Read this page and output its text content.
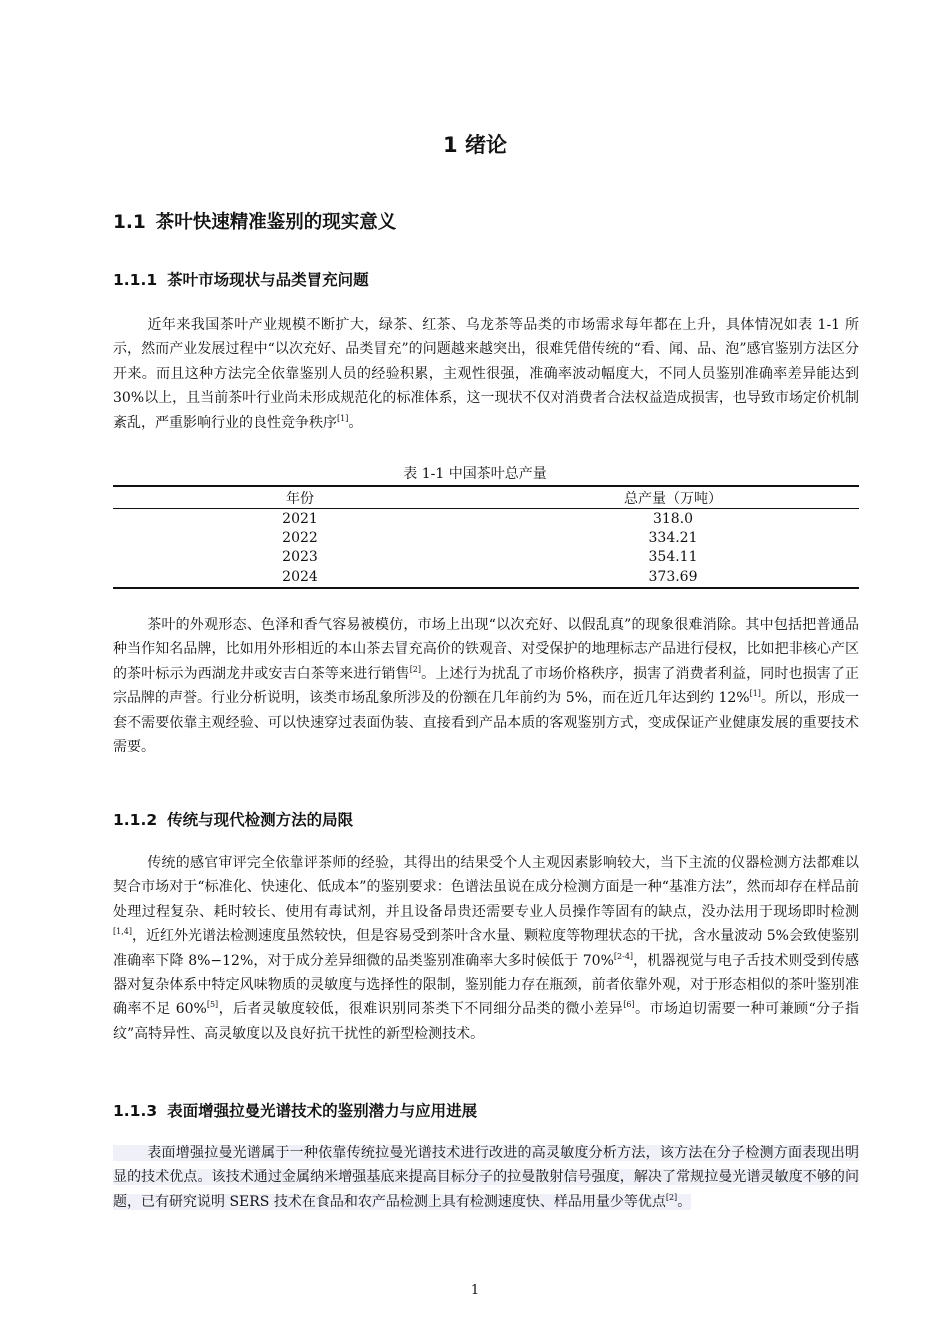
1 绪论
1.1 茶叶快速精准鉴别的现实意义
1.1.1 茶叶市场现状与品类冒充问题

近年来我国茶叶产业规模不断扩大，绿茶、红茶、乌龙茶等品类的市场需求每年都在上升，具体情况如表 1-1 所示，然而产业发展过程中“以次充好、品类冒充”的问题越来越突出，很难凭借传统的“看、闻、品、泡”感官鉴别方法区分开来。而且这种方法完全依靠鉴别人员的经验积累，主观性很强，准确率波动幅度大，不同人员鉴别准确率差异能达到 30%以上，且当前茶叶行业尚未形成规范化的标准体系，这一现状不仅对消费者合法权益造成损害，也导致市场定价机制紊乱，严重影响行业的良性竞争秩序[1]。

表 1-1 中国茶叶总产量
年份	总产量（万吨）
2021	318.0
2022	334.21
2023	354.11
2024	373.69

茶叶的外观形态、色泽和香气容易被模仿，市场上出现“以次充好、以假乱真”的现象很难消除。其中包括把普通品种当作知名品牌，比如用外形相近的本山茶去冒充高价的铁观音、对受保护的地理标志产品进行侵权，比如把非核心产区的茶叶标示为西湖龙井或安吉白茶等来进行销售[2]。上述行为扰乱了市场价格秩序，损害了消费者利益，同时也损害了正宗品牌的声誉。行业分析说明，该类市场乱象所涉及的份额在几年前约为 5%，而在近几年达到约 12%[1]。所以，形成一套不需要依靠主观经验、可以快速穿过表面伪装、直接看到产品本质的客观鉴别方式，变成保证产业健康发展的重要技术需要。

1.1.2 传统与现代检测方法的局限

传统的感官审评完全依靠评茶师的经验，其得出的结果受个人主观因素影响较大，当下主流的仪器检测方法都难以契合市场对于“标准化、快速化、低成本”的鉴别要求：色谱法虽说在成分检测方面是一种“基准方法”，然而却存在样品前处理过程复杂、耗时较长、使用有毒试剂，并且设备昂贵还需要专业人员操作等固有的缺点，没办法用于现场即时检测[1,4]，近红外光谱法检测速度虽然较快，但是容易受到茶叶含水量、颗粒度等物理状态的干扰，含水量波动 5%会致使鉴别准确率下降 8%−12%，对于成分差异细微的品类鉴别准确率大多时候低于 70%[2-4]，机器视觉与电子舌技术则受到传感器对复杂体系中特定风味物质的灵敏度与选择性的限制，鉴别能力存在瓶颈，前者依靠外观，对于形态相似的茶叶鉴别准确率不足 60%[5]，后者灵敏度较低，很难识别同茶类下不同细分品类的微小差异[6]。市场迫切需要一种可兼顾“分子指纹”高特异性、高灵敏度以及良好抗干扰性的新型检测技术。

1.1.3 表面增强拉曼光谱技术的鉴别潜力与应用进展

表面增强拉曼光谱属于一种依靠传统拉曼光谱技术进行改进的高灵敏度分析方法，该方法在分子检测方面表现出明显的技术优点。该技术通过金属纳米增强基底来提高目标分子的拉曼散射信号强度，解决了常规拉曼光谱灵敏度不够的问题，已有研究说明 SERS 技术在食品和农产品检测上具有检测速度快、样品用量少等优点[2]。

1
